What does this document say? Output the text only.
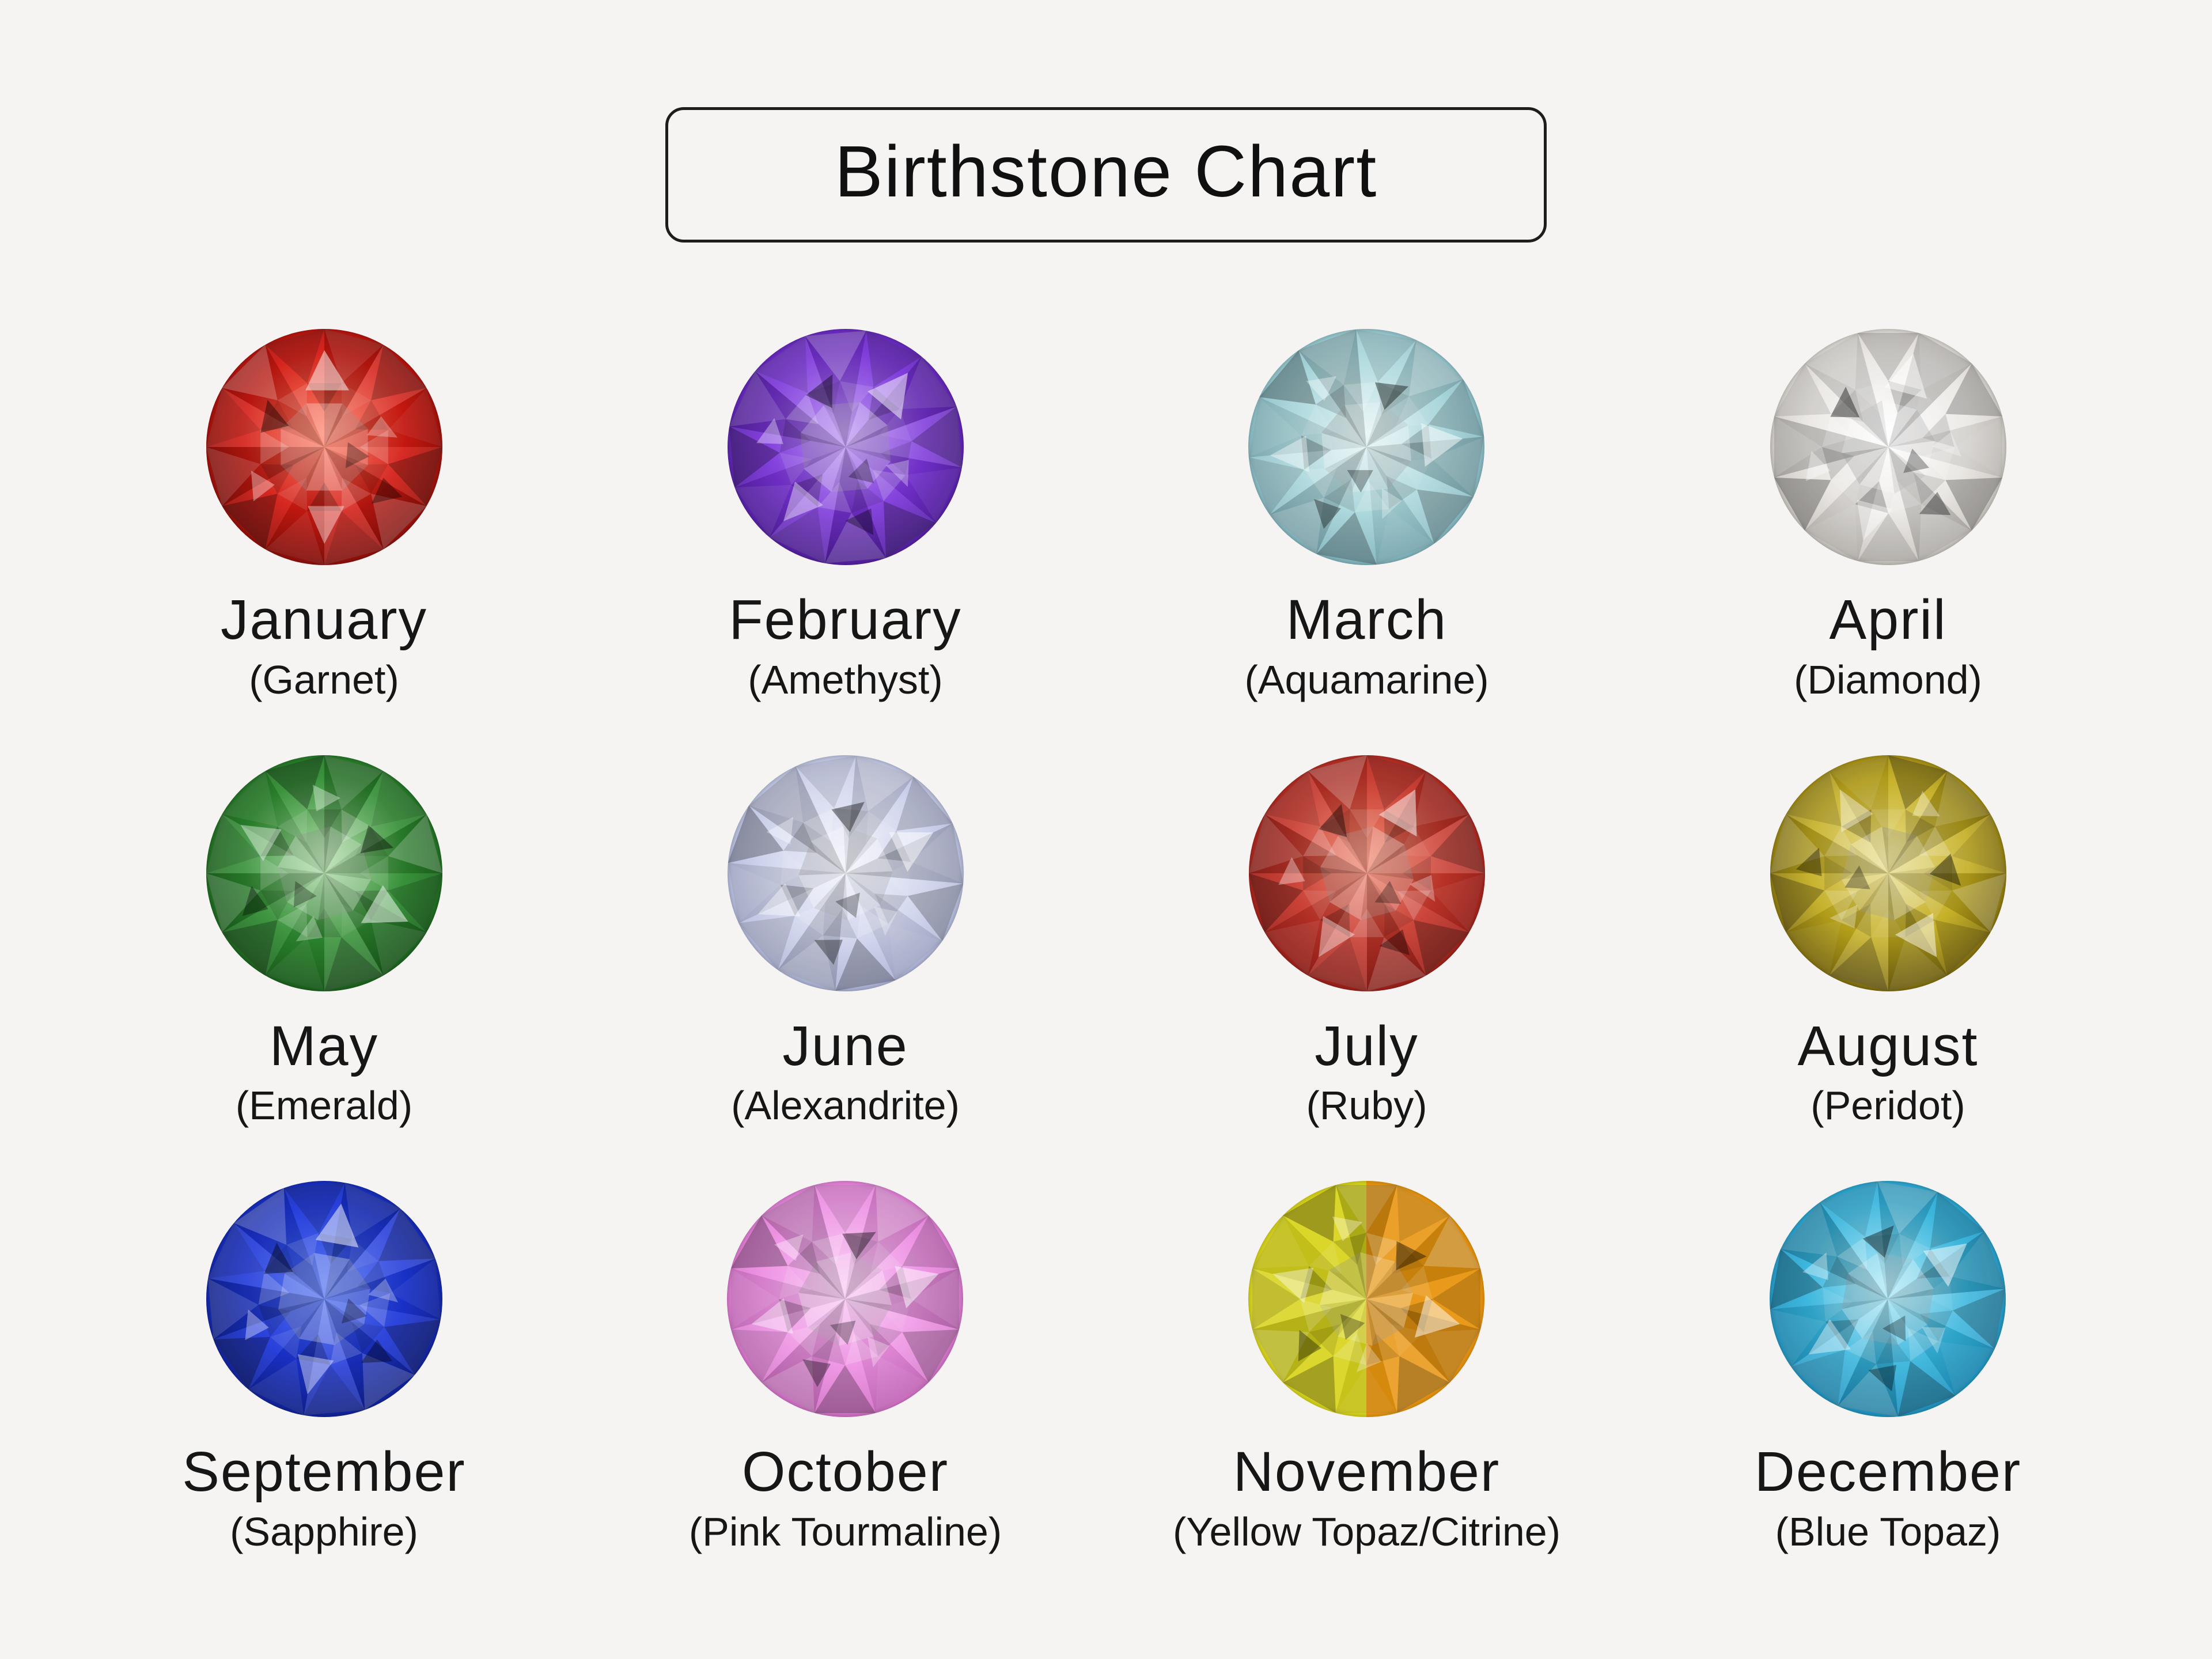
Birthstone Chart
January
(Garnet)
February
(Amethyst)
March
(Aquamarine)
April
(Diamond)
May
(Emerald)
June
(Alexandrite)
July
(Ruby)
August
(Peridot)
September
(Sapphire)
October
(Pink Tourmaline)
November
(Yellow Topaz/Citrine)
December
(Blue Topaz)
